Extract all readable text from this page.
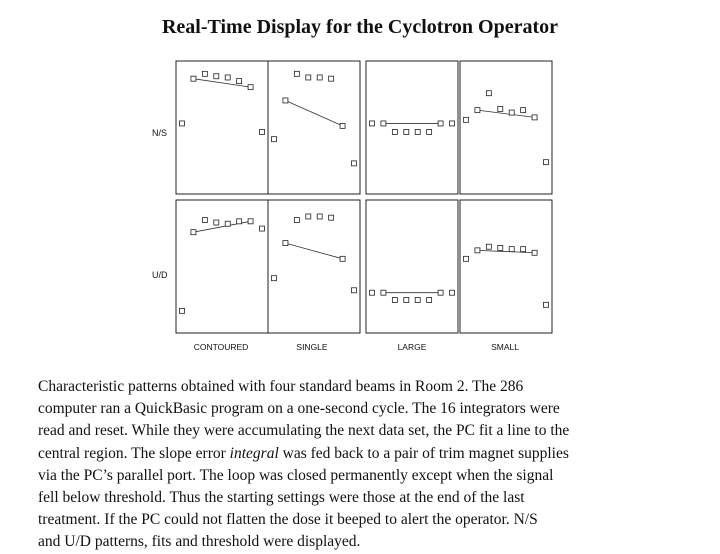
Real-Time Display for the Cyclotron Operator
N/S
U/D
CONTOURED	SINGLE	LARGE	SMALL
Characteristic patterns obtained with four standard beams in Room 2. The 286
computer ran a QuickBasic program on a one-second cycle. The 16 integrators were
read and reset. While they were accumulating the next data set, the PC fit a line to the
central region. The slope error integral was fed back to a pair of trim magnet supplies
via the PC’s parallel port. The loop was closed permanently except when the signal
fell below threshold. Thus the starting settings were those at the end of the last
treatment. If the PC could not flatten the dose it beeped to alert the operator. N/S
and U/D patterns, fits and threshold were displayed.
